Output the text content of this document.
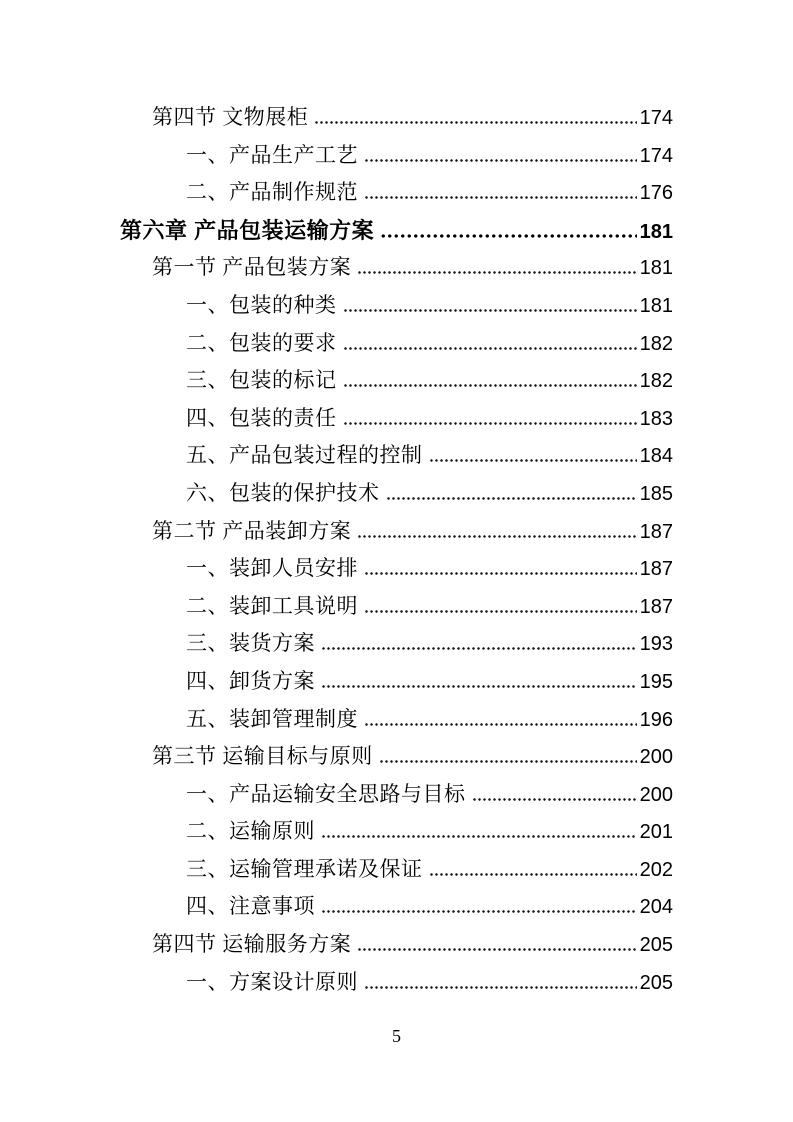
第四节 文物展柜	174
一、产品生产工艺	174
二、产品制作规范	176
第六章 产品包装运输方案	181
第一节 产品包装方案	181
一、包装的种类	181
二、包装的要求	182
三、包装的标记	182
四、包装的责任	183
五、产品包装过程的控制	184
六、包装的保护技术	185
第二节 产品装卸方案	187
一、装卸人员安排	187
二、装卸工具说明	187
三、装货方案	193
四、卸货方案	195
五、装卸管理制度	196
第三节 运输目标与原则	200
一、产品运输安全思路与目标	200
二、运输原则	201
三、运输管理承诺及保证	202
四、注意事项	204
第四节 运输服务方案	205
一、方案设计原则	205
5
